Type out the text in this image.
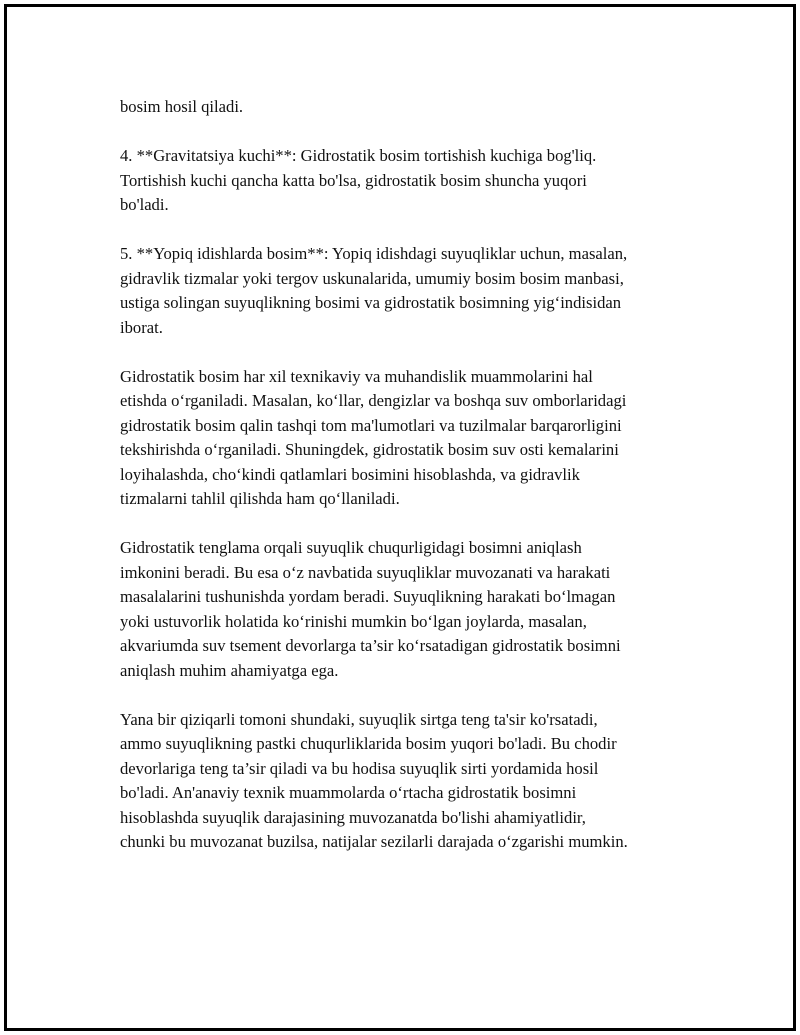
bosim hosil qiladi.

4. **Gravitatsiya kuchi**: Gidrostatik bosim tortishish kuchiga bog'liq.
Tortishish kuchi qancha katta bo'lsa, gidrostatik bosim shuncha yuqori
bo'ladi.

5. **Yopiq idishlarda bosim**: Yopiq idishdagi suyuqliklar uchun, masalan,
gidravlik tizmalar yoki tergov uskunalarida, umumiy bosim bosim manbasi,
ustiga solingan suyuqlikning bosimi va gidrostatik bosimning yig‘indisidan
iborat.

Gidrostatik bosim har xil texnikaviy va muhandislik muammolarini hal
etishda o‘rganiladi. Masalan, ko‘llar, dengizlar va boshqa suv omborlaridagi
gidrostatik bosim qalin tashqi tom ma'lumotlari va tuzilmalar barqarorligini
tekshirishda o‘rganiladi. Shuningdek, gidrostatik bosim suv osti kemalarini
loyihalashda, cho‘kindi qatlamlari bosimini hisoblashda, va gidravlik
tizmalarni tahlil qilishda ham qo‘llaniladi.

Gidrostatik tenglama orqali suyuqlik chuqurligidagi bosimni aniqlash
imkonini beradi. Bu esa o‘z navbatida suyuqliklar muvozanati va harakati
masalalarini tushunishda yordam beradi. Suyuqlikning harakati bo‘lmagan
yoki ustuvorlik holatida ko‘rinishi mumkin bo‘lgan joylarda, masalan,
akvariumda suv tsement devorlarga ta’sir ko‘rsatadigan gidrostatik bosimni
aniqlash muhim ahamiyatga ega.

Yana bir qiziqarli tomoni shundaki, suyuqlik sirtga teng ta'sir ko'rsatadi,
ammo suyuqlikning pastki chuqurliklarida bosim yuqori bo'ladi. Bu chodir
devorlariga teng ta’sir qiladi va bu hodisa suyuqlik sirti yordamida hosil
bo'ladi. An'anaviy texnik muammolarda o‘rtacha gidrostatik bosimni
hisoblashda suyuqlik darajasining muvozanatda bo'lishi ahamiyatlidir,
chunki bu muvozanat buzilsa, natijalar sezilarli darajada o‘zgarishi mumkin.
